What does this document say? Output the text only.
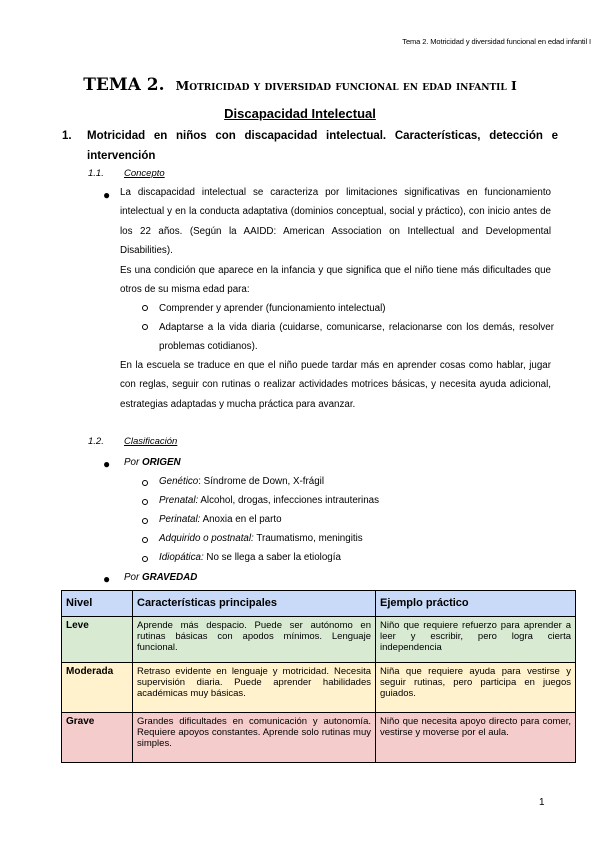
Tema 2. Motricidad y diversidad funcional en edad infantil I
TEMA 2. Motricidad y diversidad funcional en edad infantil I
Discapacidad Intelectual
1. Motricidad en niños con discapacidad intelectual. Características, detección e intervención
1.1. Concepto
● La discapacidad intelectual se caracteriza por limitaciones significativas en funcionamiento intelectual y en la conducta adaptativa (dominios conceptual, social y práctico), con inicio antes de los 22 años. (Según la AAIDD: American Association on Intellectual and Developmental Disabilities).

Es una condición que aparece en la infancia y que significa que el niño tiene más dificultades que otros de su misma edad para:

Comprender y aprender (funcionamiento intelectual)

Adaptarse a la vida diaria (cuidarse, comunicarse, relacionarse con los demás, resolver problemas cotidianos).

En la escuela se traduce en que el niño puede tardar más en aprender cosas como hablar, jugar con reglas, seguir con rutinas o realizar actividades motrices básicas, y necesita ayuda adicional, estrategias adaptadas y mucha práctica para avanzar.

1.2. Clasificación
● Por ORIGEN
Genético: Síndrome de Down, X-frágil
Prenatal: Alcohol, drogas, infecciones intrauterinas
Perinatal: Anoxia en el parto
Adquirido o postnatal: Traumatismo, meningitis
Idiopática: No se llega a saber la etiología
● Por GRAVEDAD
Nivel	Características principales	Ejemplo práctico
Leve	Aprende más despacio. Puede ser autónomo en rutinas básicas con apodos mínimos. Lenguaje funcional.	Niño que requiere refuerzo para aprender a leer y escribir, pero logra cierta independencia
Moderada	Retraso evidente en lenguaje y motricidad. Necesita supervisión diaria. Puede aprender habilidades académicas muy básicas.	Niña que requiere ayuda para vestirse y seguir rutinas, pero participa en juegos guiados.
Grave	Grandes dificultades en comunicación y autonomía. Requiere apoyos constantes. Aprende solo rutinas muy simples.	Niño que necesita apoyo directo para comer, vestirse y moverse por el aula.
1
